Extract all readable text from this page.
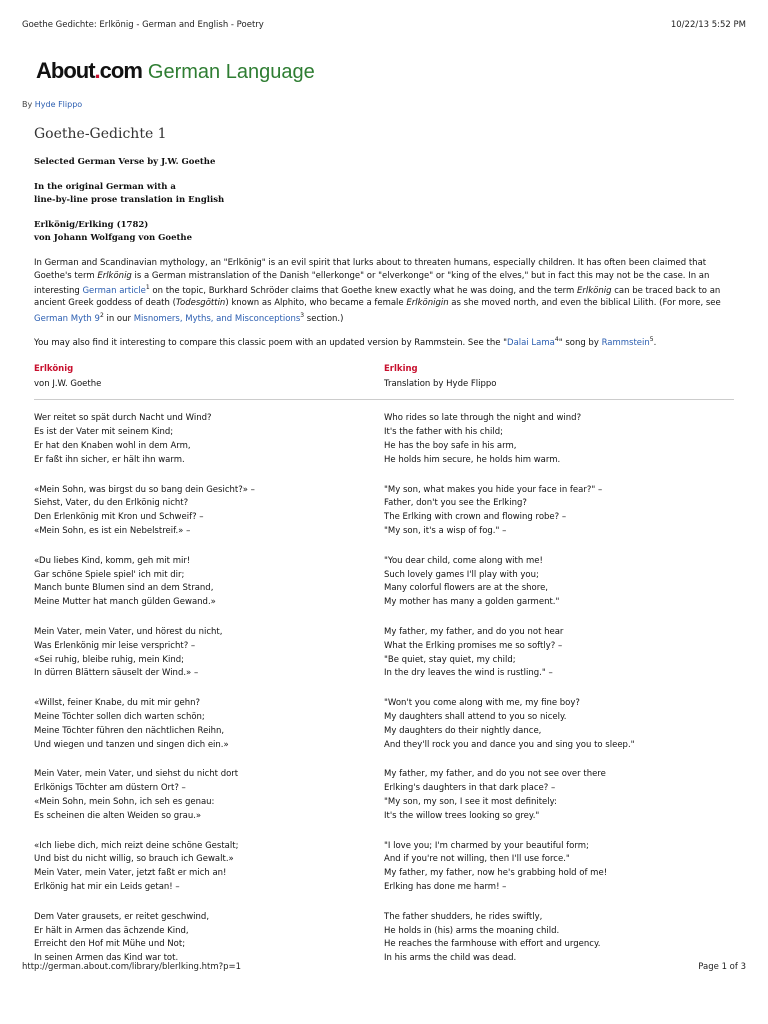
Goethe Gedichte: Erlkönig - German and English - Poetry	10/22/13 5:52 PM
About.com German Language
By Hyde Flippo
Goethe-Gedichte 1

Selected German Verse by J.W. Goethe

In the original German with a
line-by-line prose translation in English

Erlkönig/Erlking (1782)
von Johann Wolfgang von Goethe

In German and Scandinavian mythology, an "Erlkönig" is an evil spirit that lurks about to threaten humans, especially children. It has often been claimed that Goethe's term Erlkönig is a German mistranslation of the Danish "ellerkonge" or "elverkonge" or "king of the elves," but in fact this may not be the case. In an interesting German article$^1$ on the topic, Burkhard Schröder claims that Goethe knew exactly what he was doing, and the term Erlkönig can be traced back to an ancient Greek goddess of death (Todesgöttin) known as Alphito, who became a female Erlkönigin as she moved north, and even the biblical Lilith. (For more, see German Myth $9^2$ in our Misnomers, Myths, and Misconceptions$^3$ section.)

You may also find it interesting to compare this classic poem with an updated version by Rammstein. See the "Dalai Lama$^4$" song by Rammstein$^5$.

Erlkönig
von J.W. Goethe
Erlking
Translation by Hyde Flippo
Wer reitet so spät durch Nacht und Wind?
Es ist der Vater mit seinem Kind;
Er hat den Knaben wohl in dem Arm,
Er faßt ihn sicher, er hält ihn warm.
«Mein Sohn, was birgst du so bang dein Gesicht?» –
Siehst, Vater, du den Erlkönig nicht?
Den Erlenkönig mit Kron und Schweif? –
«Mein Sohn, es ist ein Nebelstreif.» –
«Du liebes Kind, komm, geh mit mir!
Gar schöne Spiele spiel' ich mit dir;
Manch bunte Blumen sind an dem Strand,
Meine Mutter hat manch gülden Gewand.»
Mein Vater, mein Vater, und hörest du nicht,
Was Erlenkönig mir leise verspricht? –
«Sei ruhig, bleibe ruhig, mein Kind;
In dürren Blättern säuselt der Wind.» –
«Willst, feiner Knabe, du mit mir gehn?
Meine Töchter sollen dich warten schön;
Meine Töchter führen den nächtlichen Reihn,
Und wiegen und tanzen und singen dich ein.»
Mein Vater, mein Vater, und siehst du nicht dort
Erlkönigs Töchter am düstern Ort? –
«Mein Sohn, mein Sohn, ich seh es genau:
Es scheinen die alten Weiden so grau.»
«Ich liebe dich, mich reizt deine schöne Gestalt;
Und bist du nicht willig, so brauch ich Gewalt.»
Mein Vater, mein Vater, jetzt faßt er mich an!
Erlkönig hat mir ein Leids getan! –
Dem Vater grausets, er reitet geschwind,
Er hält in Armen das ächzende Kind,
Erreicht den Hof mit Mühe und Not;
In seinen Armen das Kind war tot.
Who rides so late through the night and wind?
It's the father with his child;
He has the boy safe in his arm,
He holds him secure, he holds him warm.
"My son, what makes you hide your face in fear?" –
Father, don't you see the Erlking?
The Erlking with crown and flowing robe? –
"My son, it's a wisp of fog." –
"You dear child, come along with me!
Such lovely games I'll play with you;
Many colorful flowers are at the shore,
My mother has many a golden garment."
My father, my father, and do you not hear
What the Erlking promises me so softly? –
"Be quiet, stay quiet, my child;
In the dry leaves the wind is rustling." –
"Won't you come along with me, my fine boy?
My daughters shall attend to you so nicely.
My daughters do their nightly dance,
And they'll rock you and dance you and sing you to sleep."
My father, my father, and do you not see over there
Erlking's daughters in that dark place? –
"My son, my son, I see it most definitely:
It's the willow trees looking so grey."
"I love you; I'm charmed by your beautiful form;
And if you're not willing, then I'll use force."
My father, my father, now he's grabbing hold of me!
Erlking has done me harm! –
The father shudders, he rides swiftly,
He holds in (his) arms the moaning child.
He reaches the farmhouse with effort and urgency.
In his arms the child was dead.
http://german.about.com/library/blerlking.htm?p=1	Page 1 of 3
